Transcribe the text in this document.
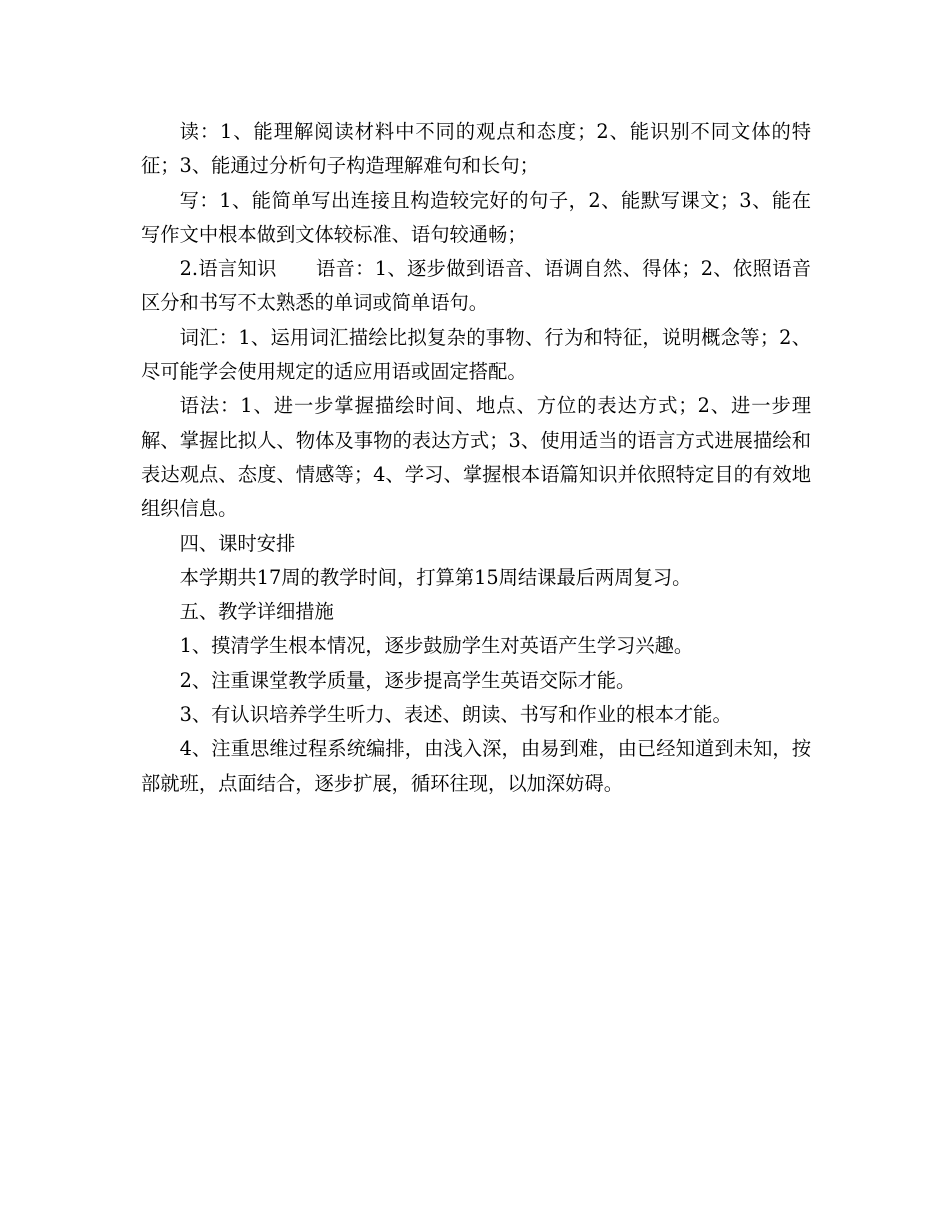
读：1、能理解阅读材料中不同的观点和态度；2、能识别不同文体的特征；3、能通过分析句子构造理解难句和长句；

写：1、能简单写出连接且构造较完好的句子，2、能默写课文；3、能在写作文中根本做到文体较标准、语句较通畅；

2.语言知识　　语音：1、逐步做到语音、语调自然、得体；2、依照语音区分和书写不太熟悉的单词或简单语句。

词汇：1、运用词汇描绘比拟复杂的事物、行为和特征，说明概念等；2、尽可能学会使用规定的适应用语或固定搭配。

语法：1、进一步掌握描绘时间、地点、方位的表达方式；2、进一步理解、掌握比拟人、物体及事物的表达方式；3、使用适当的语言方式进展描绘和表达观点、态度、情感等；4、学习、掌握根本语篇知识并依照特定目的有效地组织信息。

四、课时安排

本学期共17周的教学时间，打算第15周结课最后两周复习。

五、教学详细措施

1、摸清学生根本情况，逐步鼓励学生对英语产生学习兴趣。

2、注重课堂教学质量，逐步提高学生英语交际才能。

3、有认识培养学生听力、表述、朗读、书写和作业的根本才能。

4、注重思维过程系统编排，由浅入深，由易到难，由已经知道到未知，按部就班，点面结合，逐步扩展，循环往现，以加深妨碍。
